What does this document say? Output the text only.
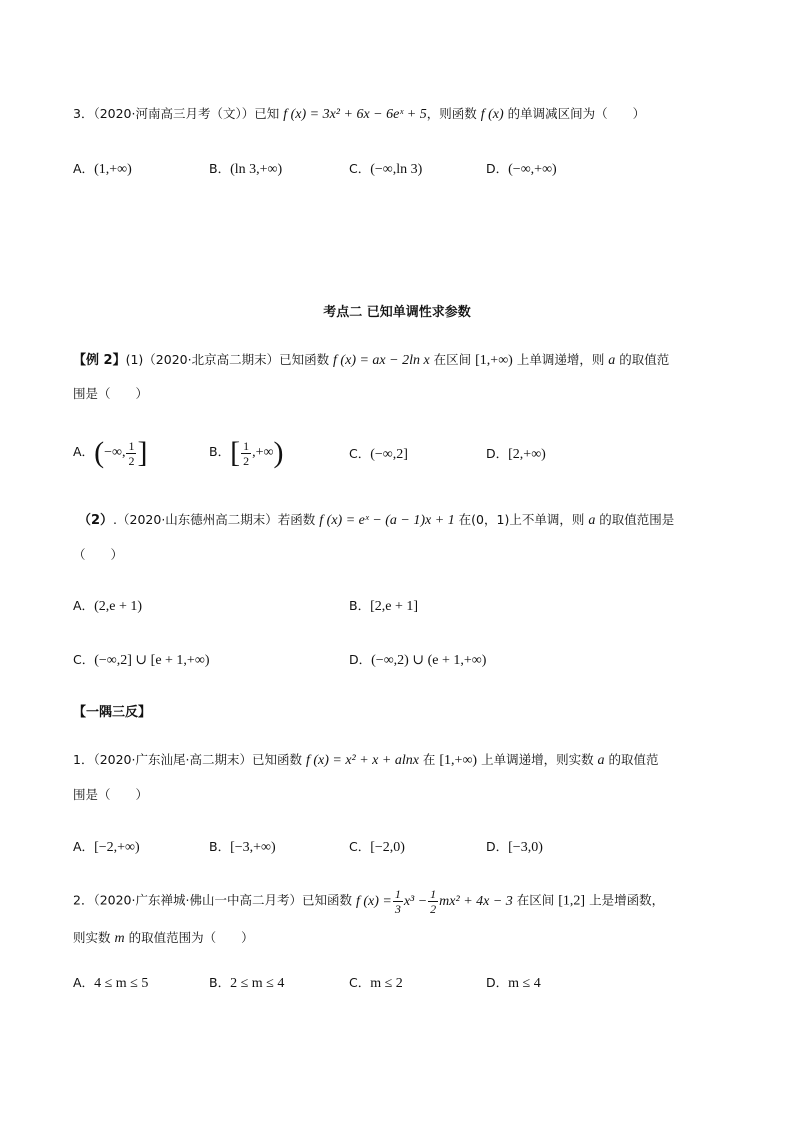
3．（2020·河南高三月考（文））已知 f (x) = 3x² + 6x − 6eˣ + 5，则函数 f (x) 的单调减区间为（　　）
A．(1,+∞)	B．(ln 3,+∞)	C．(−∞,ln 3)	D．(−∞,+∞)
考点二 已知单调性求参数
【例 2】(1)（2020·北京高二期末）已知函数 f (x) = ax − 2ln x 在区间 [1,+∞) 上单调递增，则 a 的取值范
围是（　　）
A．(−∞, $\frac{1}{2}$ ]	B．[ $\frac{1}{2}$ ,+∞)	C．(−∞,2]	D．[2,+∞)
（2）.（2020·山东德州高二期末）若函数 f (x) = eˣ − (a − 1)x + 1 在(0，1)上不单调，则 a 的取值范围是
（　　）
A．(2,e + 1)	B．[2,e + 1]
C．(−∞,2] ∪ [e + 1,+∞)	D．(−∞,2) ∪ (e + 1,+∞)
【一隅三反】
1．（2020·广东汕尾·高二期末）已知函数 f (x) = x² + x + alnx 在 [1,+∞) 上单调递增，则实数 a 的取值范
围是（　　）
A．[−2,+∞)	B．[−3,+∞)	C．[−2,0)	D．[−3,0)
2．（2020·广东禅城·佛山一中高二月考）已知函数 f $(x) = \frac{1}{3} x^3 - \frac{1}{2} mx^2 + 4x - 3$ 在区间 [1,2] 上是增函数，
则实数 m 的取值范围为（　　）
A．4 ≤ m ≤ 5	B．2 ≤ m ≤ 4	C．m ≤ 2	D．m ≤ 4
